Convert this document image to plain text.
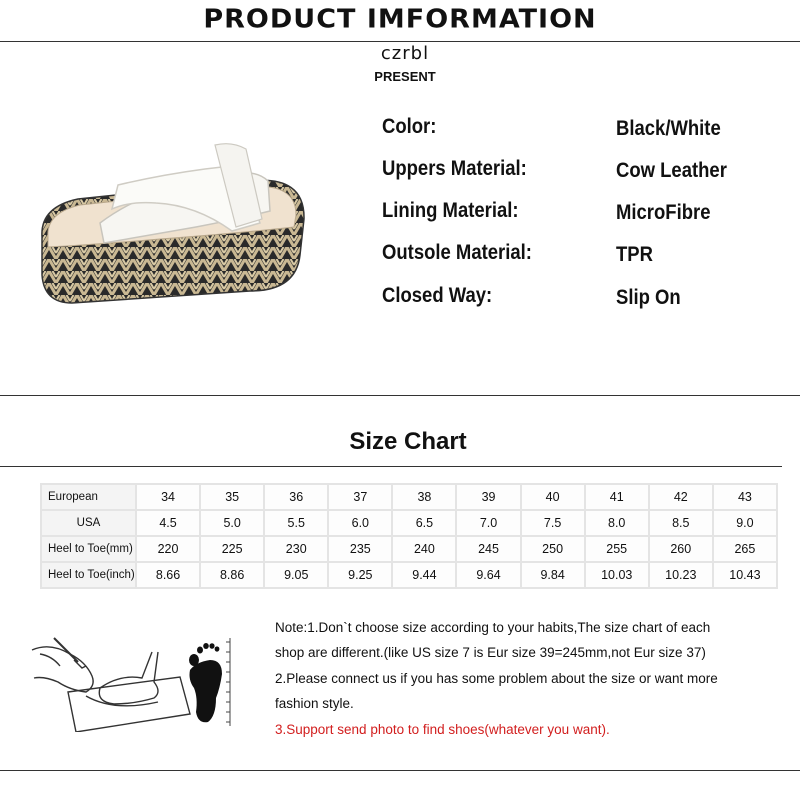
PRODUCT IMFORMATION
czrbl
PRESENT
Color:	Black/White
Uppers Material:	Cow Leather
Lining Material:	MicroFibre
Outsole Material:	TPR
Closed Way:	Slip On
Size Chart
European	34	35	36	37	38	39	40	41	42	43
USA	4.5	5.0	5.5	6.0	6.5	7.0	7.5	8.0	8.5	9.0
Heel to Toe(mm)	220	225	230	235	240	245	250	255	260	265
Heel to Toe(inch)	8.66	8.86	9.05	9.25	9.44	9.64	9.84	10.03	10.23	10.43
Note:1.Don`t choose size according to your habits,The size chart of each
shop are different.(like US size 7 is Eur size 39=245mm,not Eur size 37)
2.Please connect us if you has some problem about the size or want more
fashion style.
3.Support send photo to find shoes(whatever you want).
